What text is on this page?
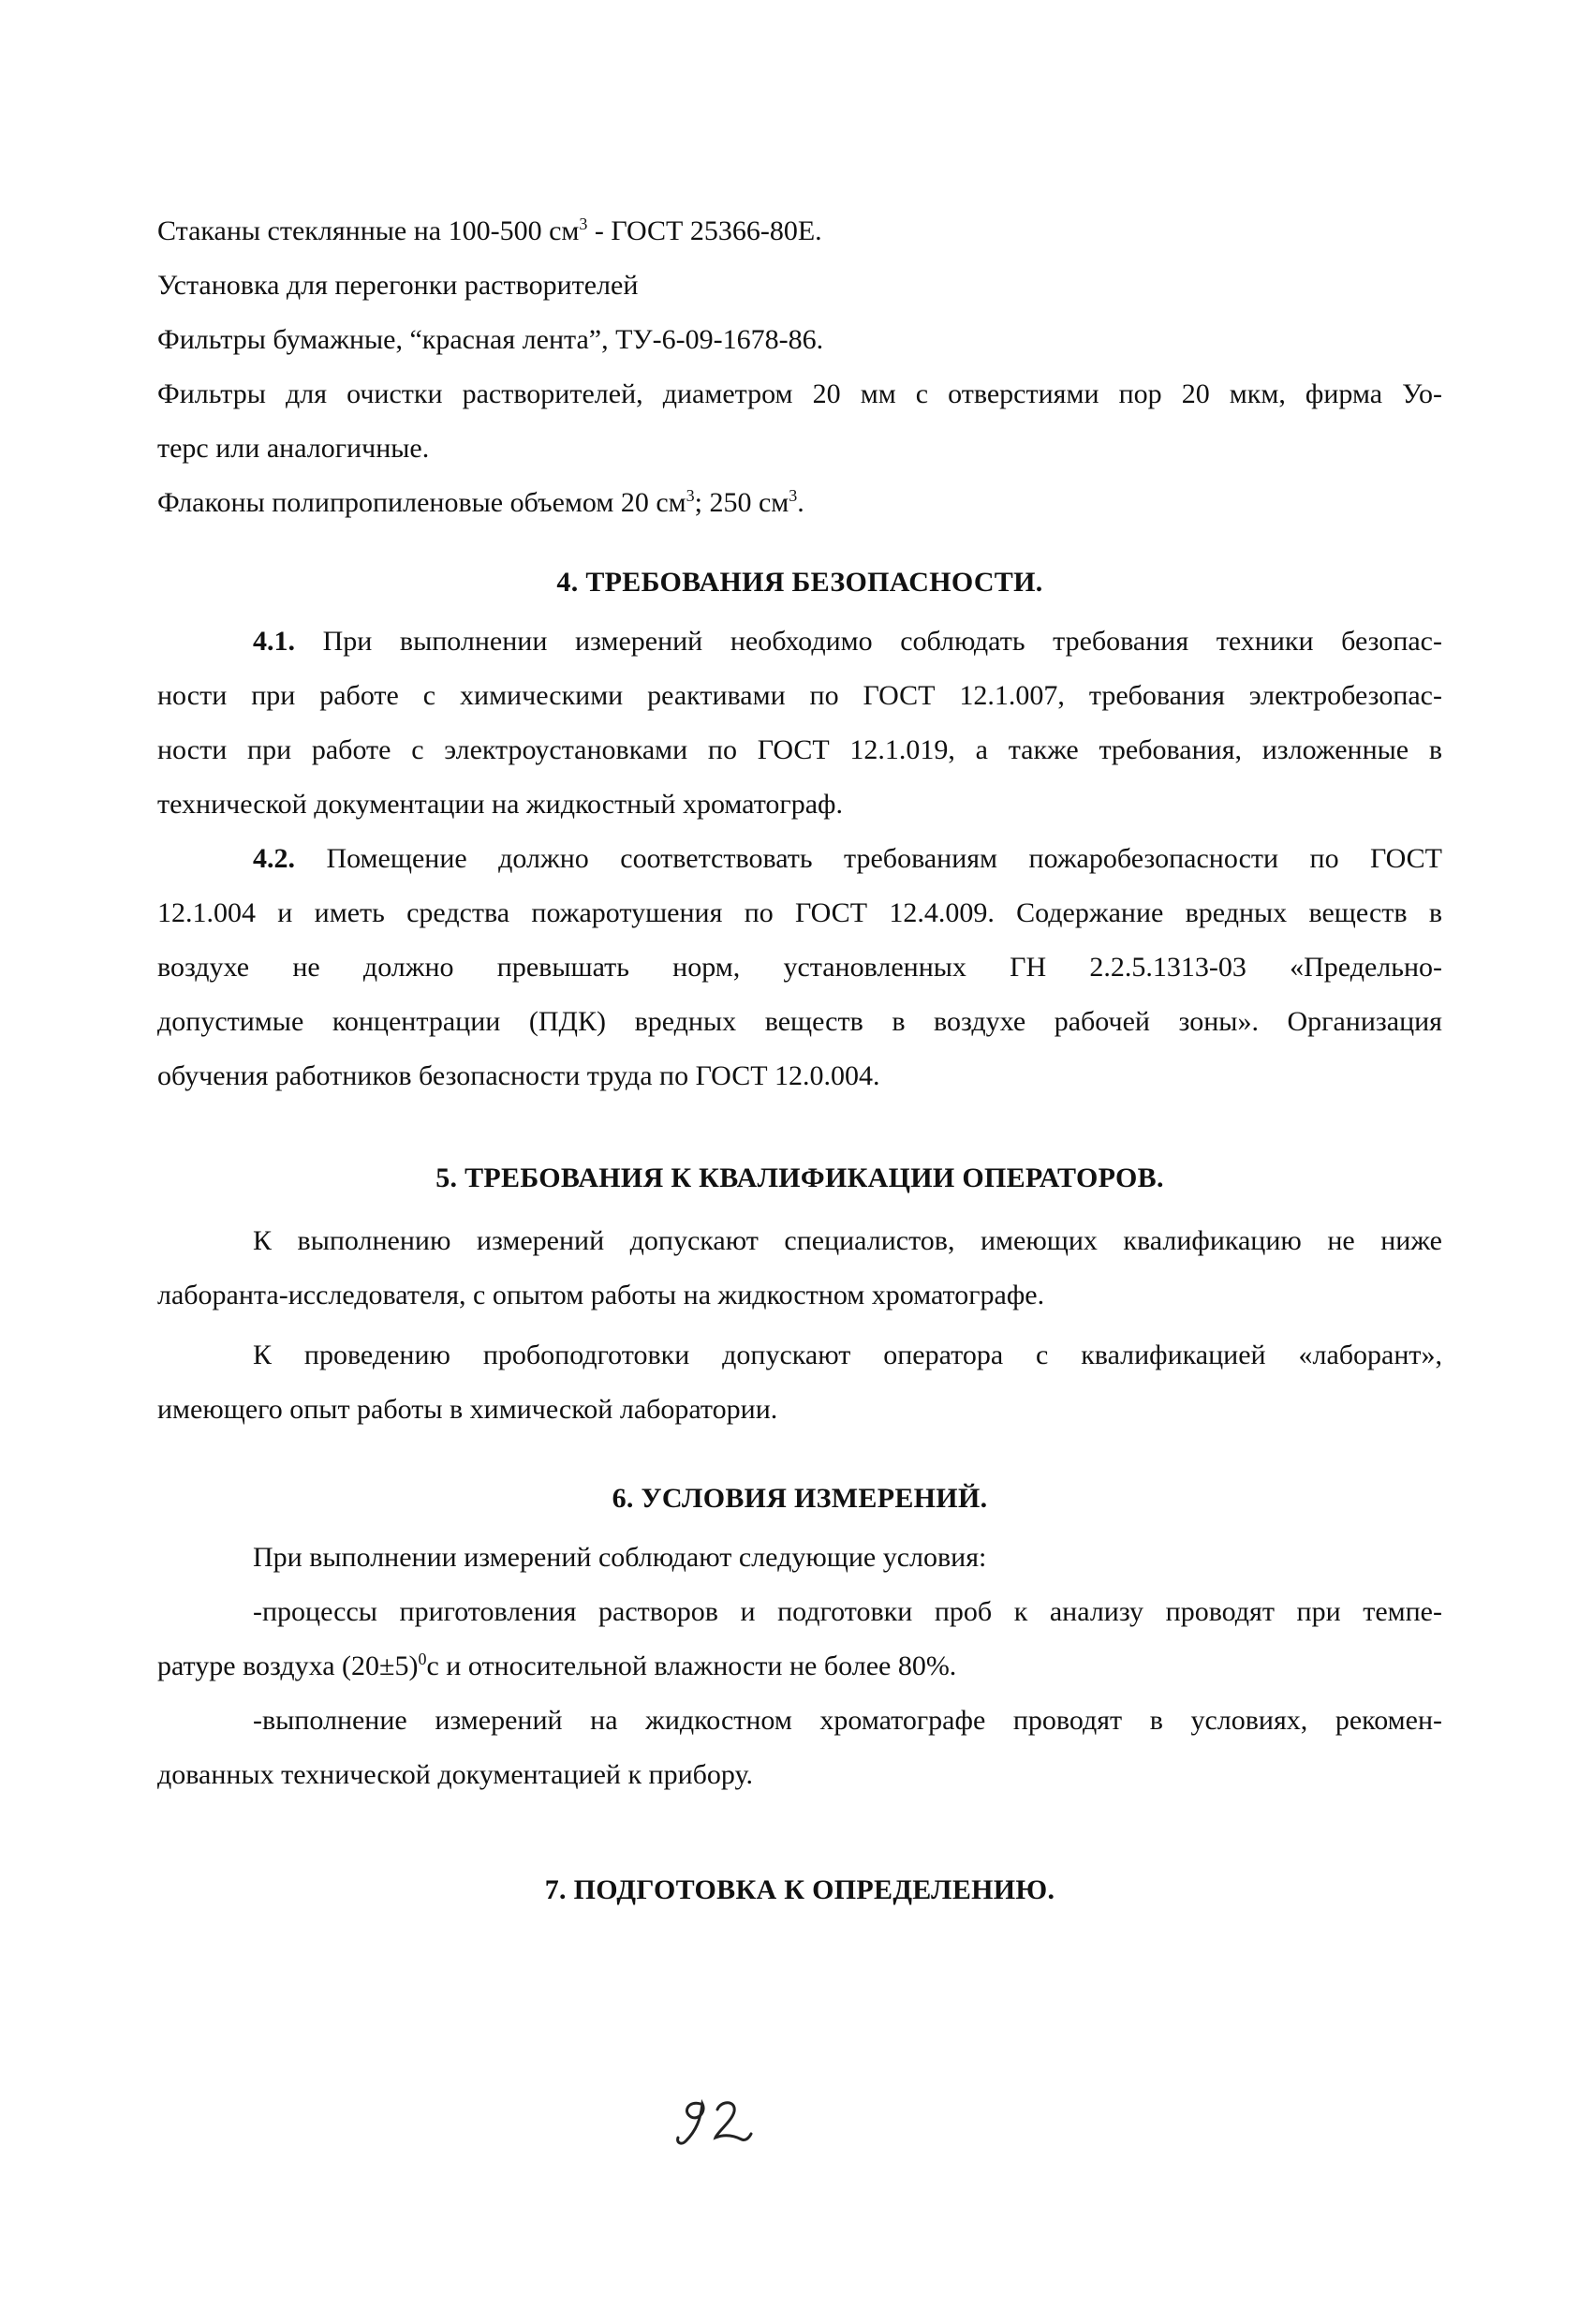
Стаканы стеклянные на 100-500 $см^3$ - ГОСТ 25366-80Е.

Установка для перегонки растворителей

Фильтры бумажные, “красная лента”, ТУ-6-09-1678-86.

Фильтры для очистки растворителей, диаметром 20 мм с отверстиями пор 20 мкм, фирма Уо-

терс или аналогичные.

Флаконы полипропиленовые объемом 20 $см^3$; 250 $см^3$.

4. ТРЕБОВАНИЯ БЕЗОПАСНОСТИ.

4.1. При выполнении измерений необходимо соблюдать требования техники безопас-

ности при работе с химическими реактивами по ГОСТ 12.1.007, требования электробезопас-

ности при работе с электроустановками по ГОСТ 12.1.019, а также требования, изложенные в

технической документации на жидкостный хроматограф.

4.2. Помещение должно соответствовать требованиям пожаробезопасности по ГОСТ

12.1.004 и иметь средства пожаротушения по ГОСТ 12.4.009. Содержание вредных веществ в

воздухе не должно превышать норм, установленных ГН 2.2.5.1313-03 «Предельно-

допустимые концентрации (ПДК) вредных веществ в воздухе рабочей зоны». Организация

обучения работников безопасности труда по ГОСТ 12.0.004.

5. ТРЕБОВАНИЯ К КВАЛИФИКАЦИИ ОПЕРАТОРОВ.

К выполнению измерений допускают специалистов, имеющих квалификацию не ниже

лаборанта-исследователя, с опытом работы на жидкостном хроматографе.

К проведению пробоподготовки допускают оператора с квалификацией «лаборант»,

имеющего опыт работы в химической лаборатории.

6. УСЛОВИЯ ИЗМЕРЕНИЙ.

При выполнении измерений соблюдают следующие условия:

-процессы приготовления растворов и подготовки проб к анализу проводят при темпе-

ратуре воздуха $(20\pm 5)^0с$ и относительной влажности не более 80%.

-выполнение измерений на жидкостном хроматографе проводят в условиях, рекомен-

дованных технической документацией к прибору.

7. ПОДГОТОВКА К ОПРЕДЕЛЕНИЮ.
